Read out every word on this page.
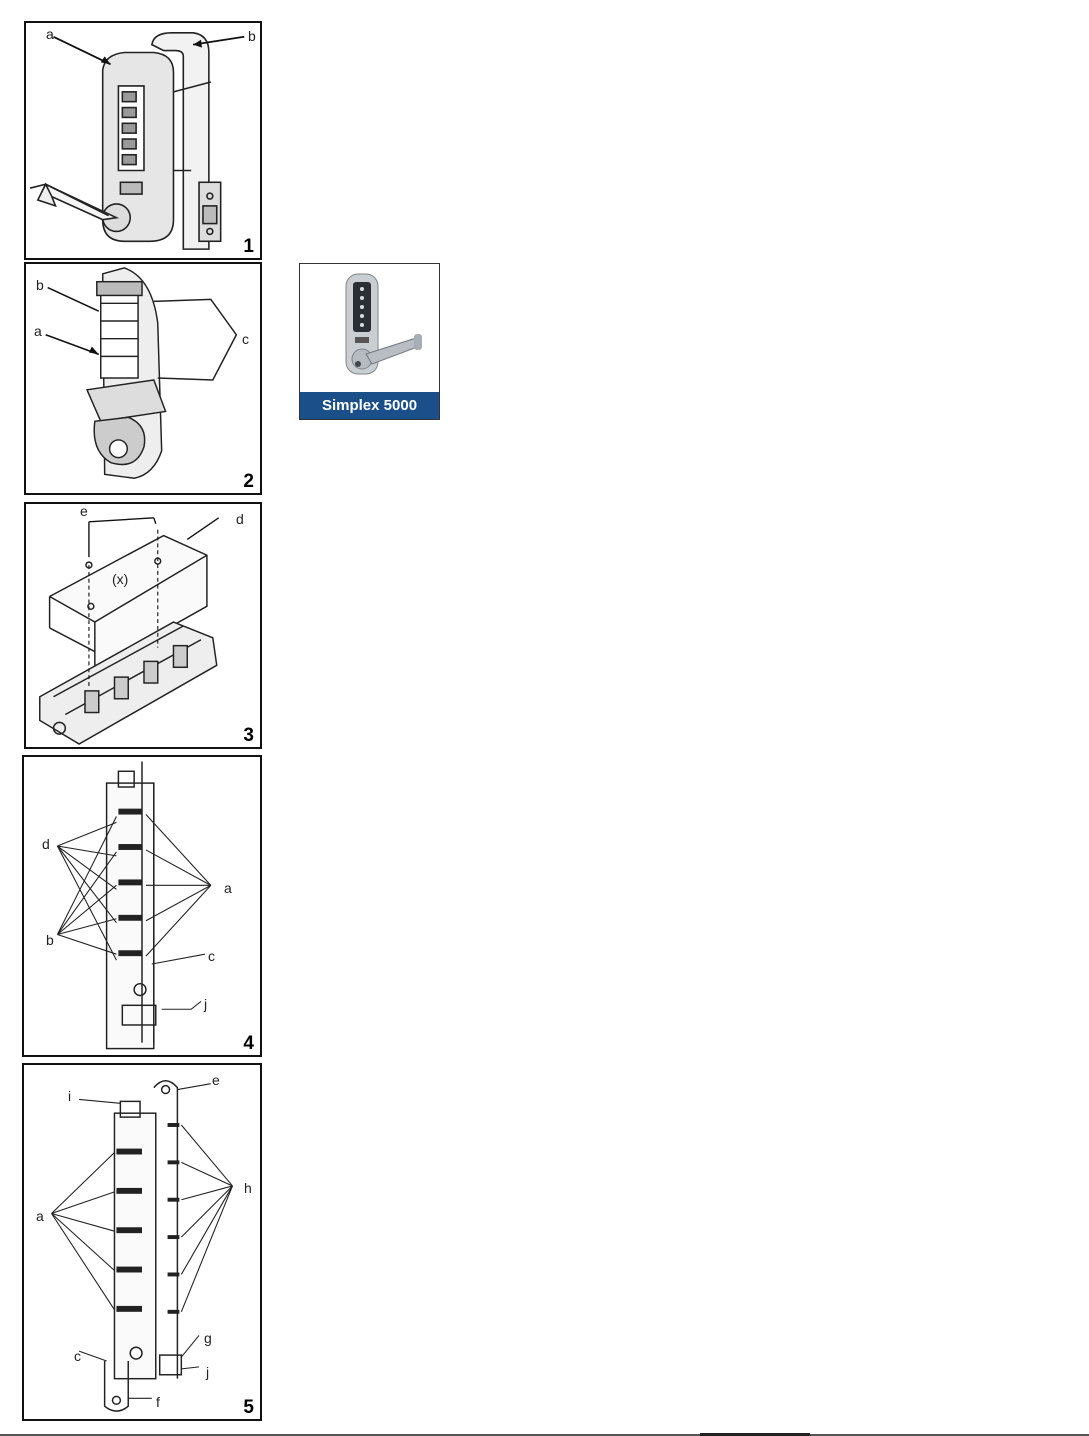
a	b
1
b
a	c
2
Simplex 5000
e	d
(x)
3
d
a
b
c
j
4
i
e
h
a
c
g
j
f	5
